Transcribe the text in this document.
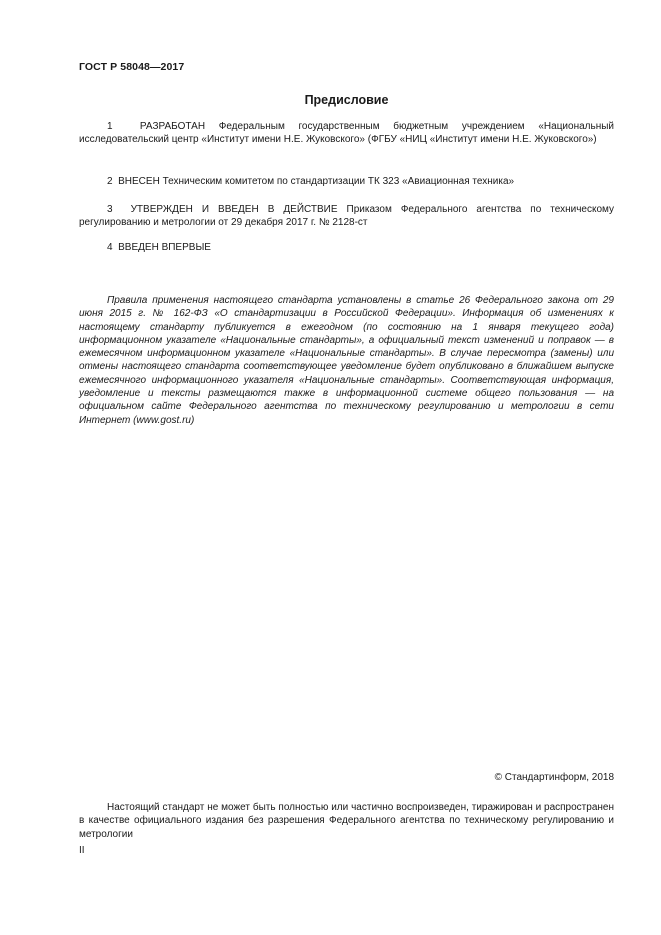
ГОСТ Р 58048—2017
Предисловие

1	РАЗРАБОТАН Федеральным государственным бюджетным учреждением «Национальный исследовательский центр «Институт имени Н.Е. Жуковского» (ФГБУ «НИЦ «Институт имени Н.Е. Жуковского»)

2 ВНЕСЕН Техническим комитетом по стандартизации ТК 323 «Авиационная техника»

3 УТВЕРЖДЕН И ВВЕДЕН В ДЕЙСТВИЕ Приказом Федерального агентства по техническому регулированию и метрологии от 29 декабря 2017 г. № 2128-ст

4 ВВЕДЕН ВПЕРВЫЕ

Правила применения настоящего стандарта установлены в статье 26 Федерального закона от 29 июня 2015 г. № 162-ФЗ «О стандартизации в Российской Федерации». Информация об изменениях к настоящему стандарту публикуется в ежегодном (по состоянию на 1 января текущего года) информационном указателе «Национальные стандарты», а официальный текст изменений и поправок — в ежемесячном информационном указателе «Национальные стандарты». В случае пересмотра (замены) или отмены настоящего стандарта соответствующее уведомление будет опубликовано в ближайшем выпуске ежемесячного информационного указателя «Национальные стандарты». Соответствующая информация, уведомление и тексты размещаются также в информационной системе общего пользования — на официальном сайте Федерального агентства по техническому регулированию и метрологии в сети Интернет (www.gost.ru)

© Стандартинформ, 2018

Настоящий стандарт не может быть полностью или частично воспроизведен, тиражирован и распространен в качестве официального издания без разрешения Федерального агентства по техническому регулированию и метрологии

II
